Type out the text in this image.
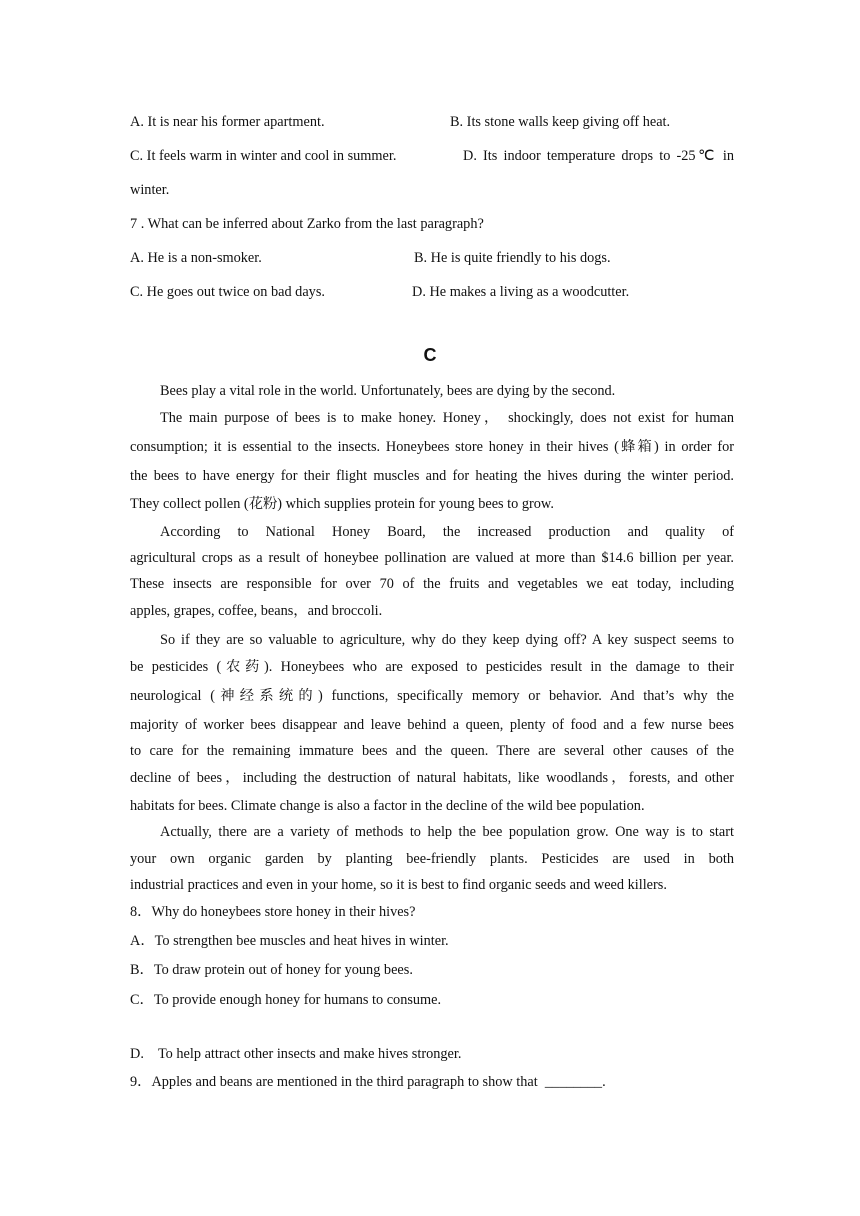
A. It is near his former apartment.	B. Its stone walls keep giving off heat.
C. It feels warm in winter and cool in summer.	D. Its indoor temperature drops to -25℃ in
winter.
7 . What can be inferred about Zarko from the last paragraph?
A. He is a non-smoker.	B. He is quite friendly to his dogs.
C. He goes out twice on bad days.	D. He makes a living as a woodcutter.
C
Bees play a vital role in the world. Unfortunately, bees are dying by the second.
The main purpose of bees is to make honey. Honey， shockingly, does not exist for human
consumption; it is essential to the insects. Honeybees store honey in their hives (蜂箱) in order for
the bees to have energy for their flight muscles and for heating the hives during the winter period.
They collect pollen (花粉) which supplies protein for young bees to grow.
According to National Honey Board, the increased production and quality of
agricultural crops as a result of honeybee pollination are valued at more than $14.6 billion per year.
These insects are responsible for over 70 of the fruits and vegetables we eat today, including
apples, grapes, coffee, beans，and broccoli.
So if they are so valuable to agriculture, why do they keep dying off? A key suspect seems to
be pesticides (农药). Honeybees who are exposed to pesticides result in the damage to their
neurological (神经系统的) functions, specifically memory or behavior. And that’s why the
majority of worker bees disappear and leave behind a queen, plenty of food and a few nurse bees
to care for the remaining immature bees and the queen. There are several other causes of the
decline of bees，including the destruction of natural habitats, like woodlands，forests, and other
habitats for bees. Climate change is also a factor in the decline of the wild bee population.
Actually, there are a variety of methods to help the bee population grow. One way is to start
your own organic garden by planting bee-friendly plants. Pesticides are used in both
industrial practices and even in your home, so it is best to find organic seeds and weed killers.
8．Why do honeybees store honey in their hives?
A．To strengthen bee muscles and heat hives in winter.
B．To draw protein out of honey for young bees.
C．To provide enough honey for humans to consume.
D.    To help attract other insects and make hives stronger.
9．Apples and beans are mentioned in the third paragraph to show that  ________.
